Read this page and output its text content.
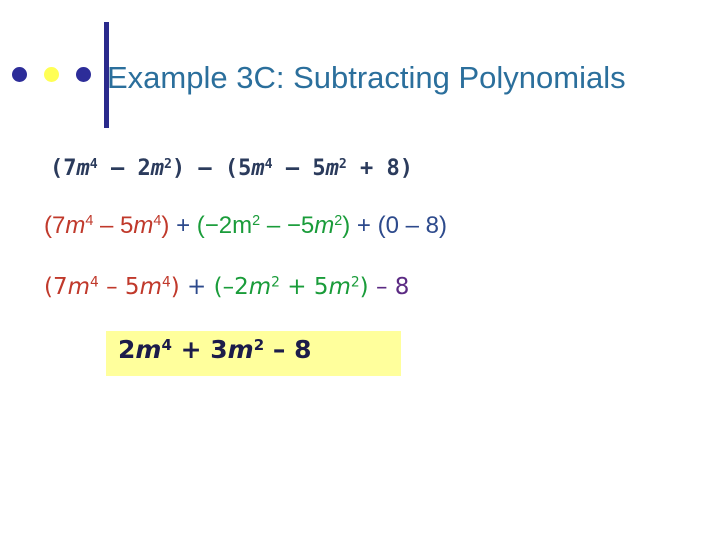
Example 3C: Subtracting Polynomials
$(7m^4 - 2m^2) - (5m^4 - 5m^2 + 8)$
$(7m^4 - 5m^4) + (-2m^2 - -5m^2) + (0 - 8)$
$(7m^4 - 5m^4) + (-2m^2 + 5m^2) - 8$
$2m^4 + 3m^2 - 8$
